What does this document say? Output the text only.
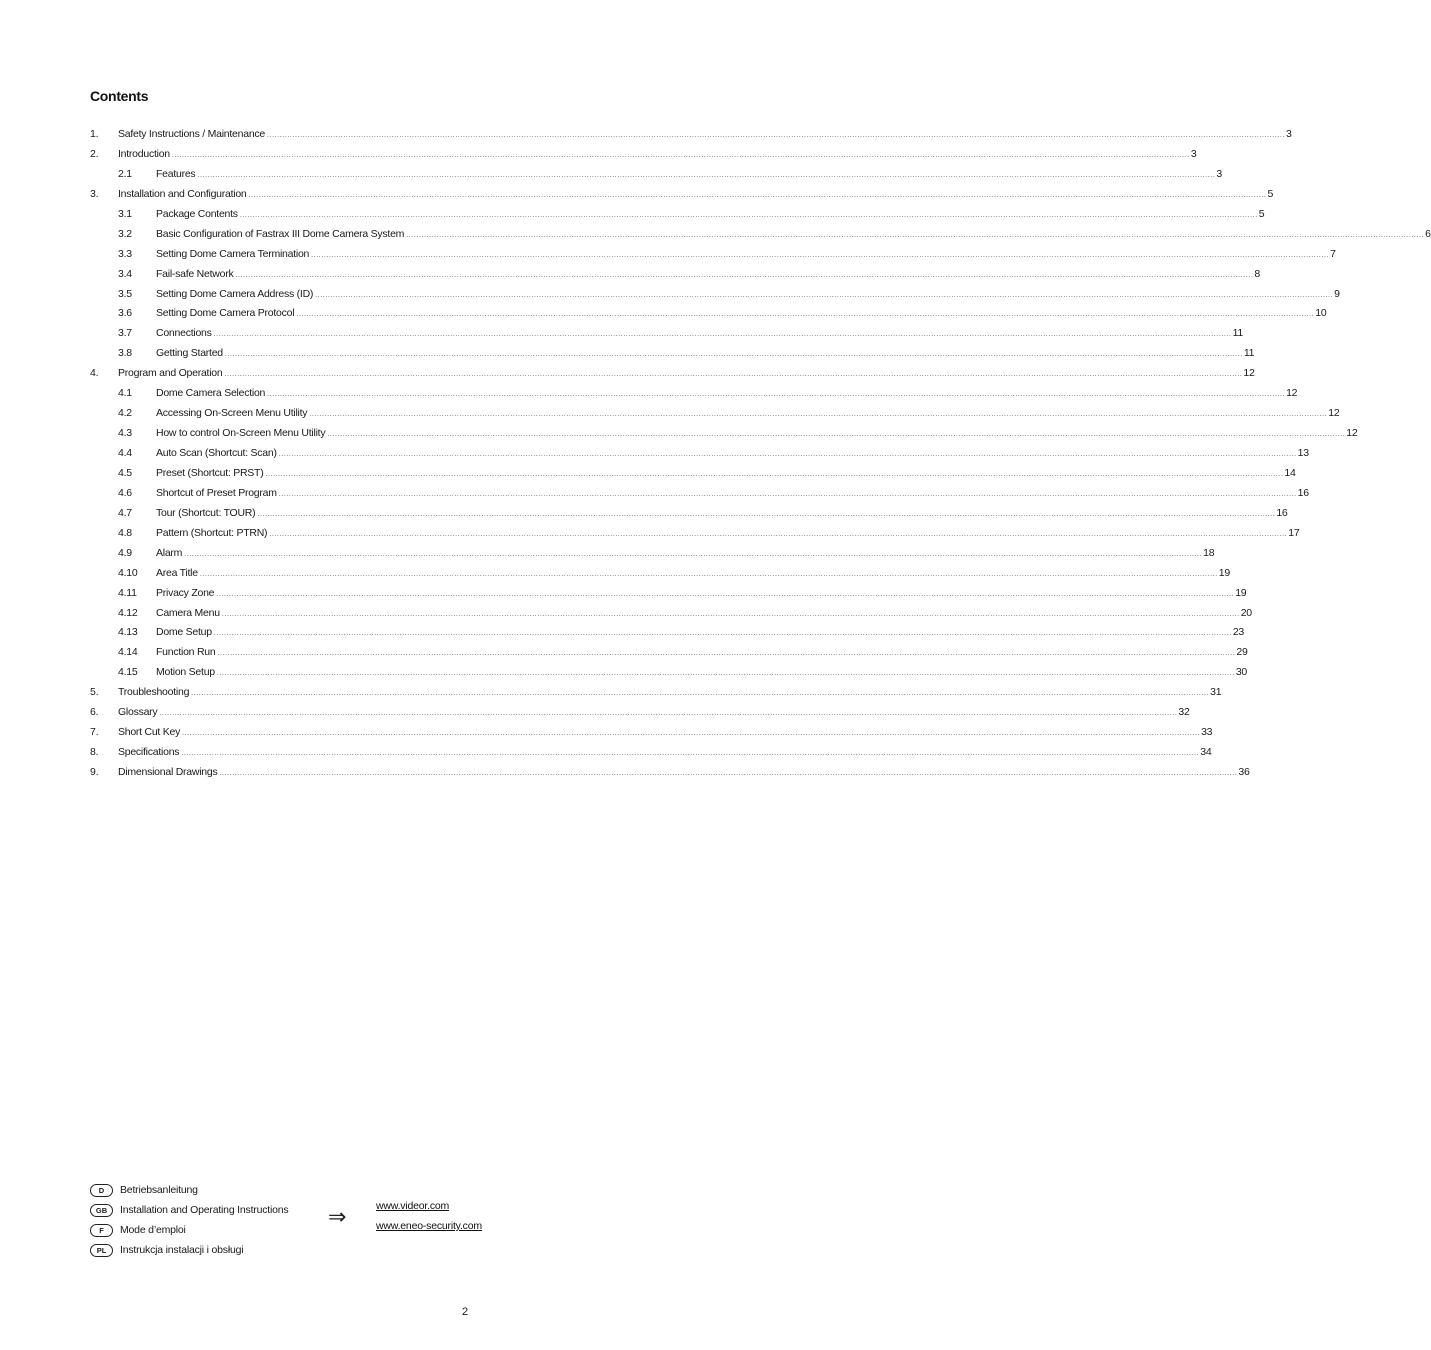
Contents
1.	Safety Instructions / Maintenance ................................................................................................................................................................................................................................................................................................................................................................................................................ 3
2.	Introduction ................................................................................................................................................................................................................................................................................................................................................................................................................ 3
2.1	Features ................................................................................................................................................................................................................................................................................................................................................................................................................ 3
3.	Installation and Configuration ................................................................................................................................................................................................................................................................................................................................................................................................................ 5
3.1	Package Contents ................................................................................................................................................................................................................................................................................................................................................................................................................ 5
3.2	Basic Configuration of Fastrax III Dome Camera System ................................................................................................................................................................................................................................................................................................................................................................................................................ 6
3.3	Setting Dome Camera Termination ................................................................................................................................................................................................................................................................................................................................................................................................................ 7
3.4	Fail-safe Network ................................................................................................................................................................................................................................................................................................................................................................................................................ 8
3.5	Setting Dome Camera Address (ID) ................................................................................................................................................................................................................................................................................................................................................................................................................ 9
3.6	Setting Dome Camera Protocol ................................................................................................................................................................................................................................................................................................................................................................................................................ 10
3.7	Connections ................................................................................................................................................................................................................................................................................................................................................................................................................ 11
3.8	Getting Started ................................................................................................................................................................................................................................................................................................................................................................................................................ 11
4.	Program and Operation ................................................................................................................................................................................................................................................................................................................................................................................................................ 12
4.1	Dome Camera Selection ................................................................................................................................................................................................................................................................................................................................................................................................................ 12
4.2	Accessing On-Screen Menu Utility ................................................................................................................................................................................................................................................................................................................................................................................................................ 12
4.3	How to control On-Screen Menu Utility ................................................................................................................................................................................................................................................................................................................................................................................................................ 12
4.4	Auto Scan (Shortcut: Scan) ................................................................................................................................................................................................................................................................................................................................................................................................................ 13
4.5	Preset (Shortcut: PRST) ................................................................................................................................................................................................................................................................................................................................................................................................................ 14
4.6	Shortcut of Preset Program ................................................................................................................................................................................................................................................................................................................................................................................................................ 16
4.7	Tour (Shortcut: TOUR) ................................................................................................................................................................................................................................................................................................................................................................................................................ 16
4.8	Pattern (Shortcut: PTRN) ................................................................................................................................................................................................................................................................................................................................................................................................................ 17
4.9	Alarm ................................................................................................................................................................................................................................................................................................................................................................................................................ 18
4.10	Area Title ................................................................................................................................................................................................................................................................................................................................................................................................................ 19
4.11	Privacy Zone ................................................................................................................................................................................................................................................................................................................................................................................................................ 19
4.12	Camera Menu ................................................................................................................................................................................................................................................................................................................................................................................................................ 20
4.13	Dome Setup ................................................................................................................................................................................................................................................................................................................................................................................................................ 23
4.14	Function Run ................................................................................................................................................................................................................................................................................................................................................................................................................ 29
4.15	Motion Setup ................................................................................................................................................................................................................................................................................................................................................................................................................ 30
5.	Troubleshooting ................................................................................................................................................................................................................................................................................................................................................................................................................ 31
6.	Glossary ................................................................................................................................................................................................................................................................................................................................................................................................................ 32
7.	Short Cut Key ................................................................................................................................................................................................................................................................................................................................................................................................................ 33
8.	Specifications ................................................................................................................................................................................................................................................................................................................................................................................................................ 34
9.	Dimensional Drawings ................................................................................................................................................................................................................................................................................................................................................................................................................ 36
D	Betriebsanleitung
GB	Installation and Operating Instructions
F	Mode d’emploi
PL	Instrukcja instalacji i obsługi
⇒	www.videor.com
www.eneo-security.com
2
